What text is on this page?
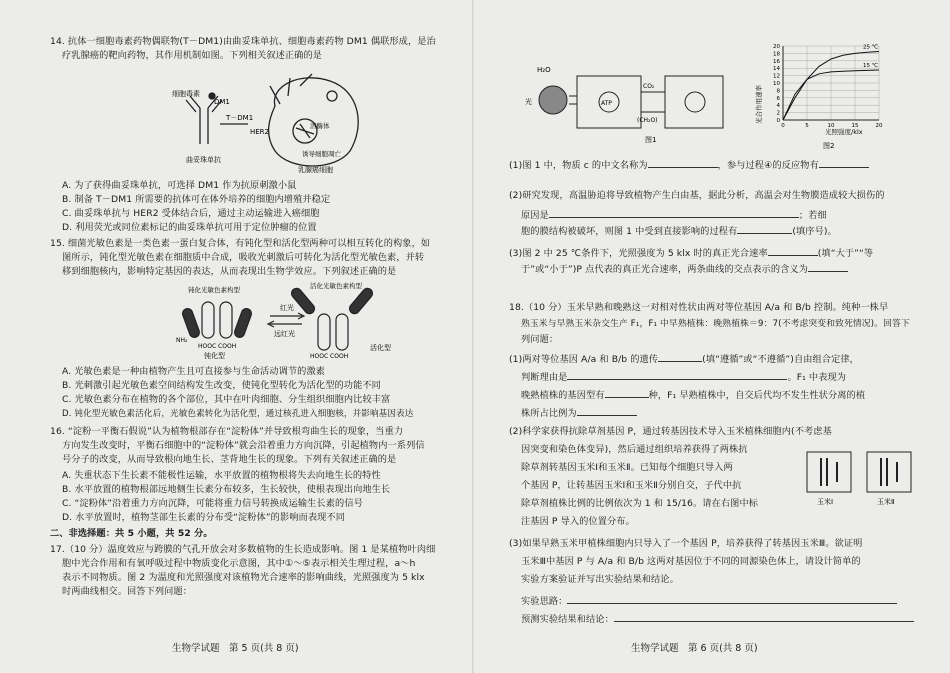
14. 抗体一细胞毒素药物偶联物(T－DM1)由曲妥珠单抗、细胞毒素药物 DM1 偶联形成，是治
疗乳腺癌的靶向药物，其作用机制如图。下列相关叙述正确的是
细胞毒素
曲妥珠单抗
DM1
T－DM1
HER2
溶酶体
诱导细胞凋亡
乳腺癌细胞
A. 为了获得曲妥珠单抗，可选择 DM1 作为抗原刺激小鼠
B. 制备 T－DM1 所需要的抗体可在体外培养的细胞内增殖并稳定
C. 曲妥珠单抗与 HER2 受体结合后，通过主动运输进入癌细胞
D. 利用荧光或同位素标记的曲妥珠单抗可用于定位肿瘤的位置
15. 细菌光敏色素是一类色素一蛋白复合体，有钝化型和活化型两种可以相互转化的构象，如
图所示，钝化型光敏色素在细胞质中合成，吸收光刺激后可转化为活化型光敏色素，并转
移到细胞核内，影响特定基因的表达，从而表现出生物学效应。下列叙述正确的是
钝化光敏色素构型
红光
远红光
活化光敏色素构型
NH₂
HOOC COOH
钝化型	HOOC COOH
活化型
A. 光敏色素是一种由植物产生且可直接参与生命活动调节的激素
B. 光刺激引起光敏色素空间结构发生改变，使钝化型转化为活化型的功能不同
C. 光敏色素分布在植物的各个部位，其中在叶肉细胞、分生组织细胞内比较丰富
D. 钝化型光敏色素活化后，光敏色素转化为活化型，通过核孔进入细胞核，并影响基因表达
16. “淀粉一平衡石假说”认为植物根部存在“淀粉体”并导致根弯曲生长的现象，当重力
方向发生改变时，平衡石细胞中的“淀粉体”就会沿着重力方向沉降，引起植物内一系列信
号分子的改变，从而导致根向地生长、茎背地生长的现象。下列有关叙述正确的是
A. 失重状态下生长素不能极性运输，水平放置的植物根将失去向地生长的特性
B. 水平放置的植物根部远地侧生长素分布较多，生长较快，使根表现出向地生长
C. “淀粉体”沿着重力方向沉降，可能将重力信号转换成运输生长素的信号
D. 水平放置时，植物茎部生长素的分布受“淀粉体”的影响而表现不同
二、非选择题：共 5 小题，共 52 分。
17.（10 分）温度效应与跨膜的气孔开放会对多数植物的生长造成影响。图 1 是某植物叶肉细
胞中光合作用和有氧呼吸过程中物质变化示意图，其中①～⑤表示相关生理过程，a～h
表示不同物质。图 2 为温度和光照强度对该植物光合速率的影响曲线，光照强度为 5 klx
时两曲线相交。回答下列问题：
生物学试题　第 5 页(共 8 页)
H₂O
光	ATP
CO₂
(CH₂O)
图1
光合作用速率
光照强度/klx
图2
0
2
4
6
8
10
12
14
16
18
20
0	5	10	15	20
25 ℃
15 ℃
(1)图 1 中，物质 c 的中文名称为	，参与过程④的反应物有
(2)研究发现，高温胁迫将导致植物产生白由基，据此分析，高温会对生物膜造成较大损伤的
原因是	；若细
胞的膜结构被破坏，则图 1 中受到直接影响的过程有	(填序号)。
(3)图 2 中 25 ℃条件下，光照强度为 5 klx 时的真正光合速率	(填“大于”“等
于”或“小于”)P 点代表的真正光合速率，两条曲线的交点表示的含义为
18.（10 分）玉米早熟和晚熟这一对相对性状由两对等位基因 A/a 和 B/b 控制。纯种一株早
熟玉米与早熟玉米杂交生产 F₁，F₁ 中早熟植株：晚熟植株＝9：7(不考虑突变和致死情况)。回答下
列问题：
(1)两对等位基因 A/a 和 B/b 的遗传	(填“遵循”或“不遵循”)自由组合定律，
判断理由是	。F₁ 中表现为
晚熟植株的基因型有	种，F₁ 早熟植株中，自交后代均不发生性状分离的植
株所占比例为
(2)科学家获得抗除草剂基因 P，通过转基因技术导入玉米植株细胞内(不考虑基
因突变和染色体变异)，然后通过组织培养获得了两株抗
除草剂转基因玉米Ⅰ和玉米Ⅱ。已知每个细胞只导入两
个基因 P，让转基因玉米Ⅰ和玉米Ⅱ分别自交，子代中抗
除草剂植株比例的比例依次为 1 和 15/16。请在右图中标
注基因 P 导入的位置分布。
玉米Ⅰ	玉米Ⅱ
(3)如果早熟玉米甲植株细胞内只导入了一个基因 P，培养获得了转基因玉米Ⅲ。欲证明
玉米Ⅲ中基因 P 与 A/a 和 B/b 这两对基因位于不同的同源染色体上，请设计简单的
实验方案验证并写出实验结果和结论。
实验思路：
预测实验结果和结论：
生物学试题　第 6 页(共 8 页)
